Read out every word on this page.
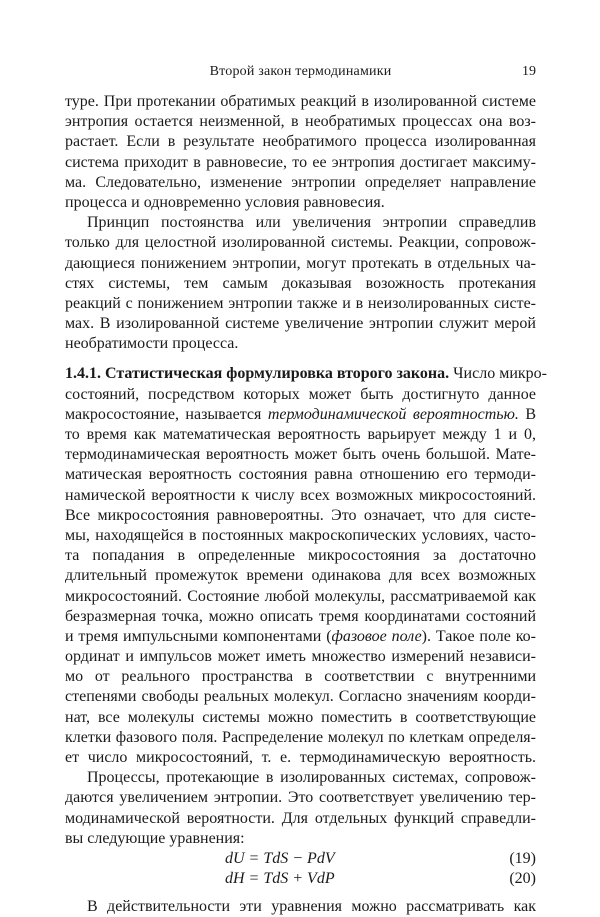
Второй закон термодинамики	19
туре. При протекании обратимых реакций в изолированной системе
энтропия остается неизменной, в необратимых процессах она воз-
растает. Если в результате необратимого процесса изолированная
система приходит в равновесие, то ее энтропия достигает максиму-
ма. Следовательно, изменение энтропии определяет направление
процесса и одновременно условия равновесия.
Принцип постоянства или увеличения энтропии справедлив
только для целостной изолированной системы. Реакции, сопровож-
дающиеся понижением энтропии, могут протекать в отдельных ча-
стях системы, тем самым доказывая возожность протекания
реакций с понижением энтропии также и в неизолированных систе-
мах. В изолированной системе увеличение энтропии служит мерой
необратимости процесса.
1.4.1. Статистическая формулировка второго закона. Число микро-
состояний, посредством которых может быть достигнуто данное
макросостояние, называется термодинамической вероятностью. В
то время как математическая вероятность варьирует между 1 и 0,
термодинамическая вероятность может быть очень большой. Мате-
матическая вероятность состояния равна отношению его термоди-
намической вероятности к числу всех возможных микросостояний.
Все микросостояния равновероятны. Это означает, что для систе-
мы, находящейся в постоянных макроскопических условиях, часто-
та попадания в определенные микросостояния за достаточно
длительный промежуток времени одинакова для всех возможных
микросостояний. Состояние любой молекулы, рассматриваемой как
безразмерная точка, можно описать тремя координатами состояний
и тремя импульсными компонентами (фазовое поле). Такое поле ко-
ординат и импульсов может иметь множество измерений независи-
мо от реального пространства в соответствии с внутренними
степенями свободы реальных молекул. Согласно значениям коорди-
нат, все молекулы системы можно поместить в соответствующие
клетки фазового поля. Распределение молекул по клеткам определя-
ет число микросостояний, т. е. термодинамическую вероятность.
Процессы, протекающие в изолированных системах, сопровож-
даются увеличением энтропии. Это соответствует увеличению тер-
модинамической вероятности. Для отдельных функций справедли-
вы следующие уравнения:
dU = TdS − PdV	(19)
dH = TdS + VdP	(20)
В действительности эти уравнения можно рассматривать как
